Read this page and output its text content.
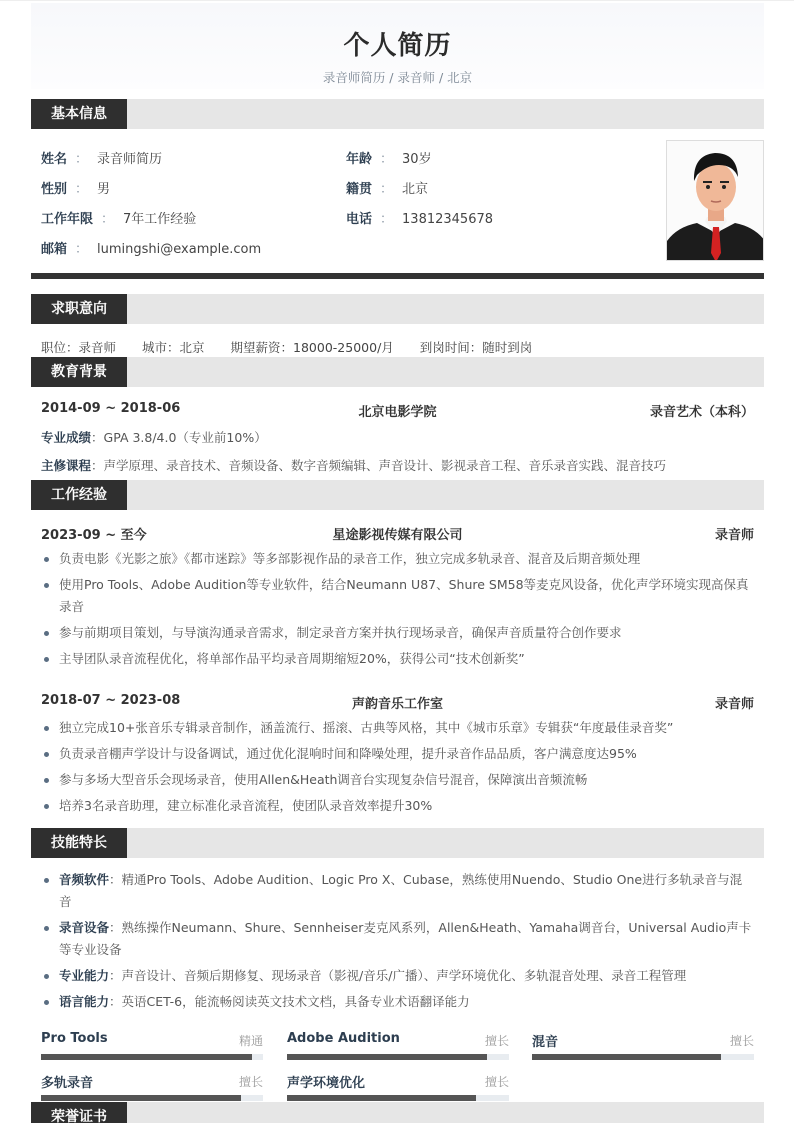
个人简历
录音师简历 / 录音师 / 北京
基本信息
姓名 ： 录音师简历
性别 ： 男
工作年限 ： 7年工作经验
邮箱 ： lumingshi@example.com
年龄 ： 30岁
籍贯 ： 北京
电话 ： 13812345678
求职意向
职位：录音师 城市：北京 期望薪资：18000-25000/月 到岗时间：随时到岗
教育背景
2014-09 ~ 2018-06	北京电影学院	录音艺术（本科）
专业成绩：GPA 3.8/4.0（专业前10%）
主修课程：声学原理、录音技术、音频设备、数字音频编辑、声音设计、影视录音工程、音乐录音实践、混音技巧
工作经验
2023-09 ~ 至今	星途影视传媒有限公司	录音师
负责电影《光影之旅》《都市迷踪》等多部影视作品的录音工作，独立完成多轨录音、混音及后期音频处理
使用Pro Tools、Adobe Audition等专业软件，结合Neumann U87、Shure SM58等麦克风设备，优化声学环境实现高保真录音
参与前期项目策划，与导演沟通录音需求，制定录音方案并执行现场录音，确保声音质量符合创作要求
主导团队录音流程优化，将单部作品平均录音周期缩短20%，获得公司“技术创新奖”
2018-07 ~ 2023-08	声韵音乐工作室	录音师
独立完成10+张音乐专辑录音制作，涵盖流行、摇滚、古典等风格，其中《城市乐章》专辑获“年度最佳录音奖”
负责录音棚声学设计与设备调试，通过优化混响时间和降噪处理，提升录音作品品质，客户满意度达95%
参与多场大型音乐会现场录音，使用Allen&Heath调音台实现复杂信号混音，保障演出音频流畅
培养3名录音助理，建立标准化录音流程，使团队录音效率提升30%
技能特长
音频软件：精通Pro Tools、Adobe Audition、Logic Pro X、Cubase，熟练使用Nuendo、Studio One进行多轨录音与混音
录音设备：熟练操作Neumann、Shure、Sennheiser麦克风系列，Allen&Heath、Yamaha调音台，Universal Audio声卡等专业设备
专业能力：声音设计、音频后期修复、现场录音（影视/音乐/广播）、声学环境优化、多轨混音处理、录音工程管理
语言能力：英语CET-6，能流畅阅读英文技术文档，具备专业术语翻译能力
Pro Tools	精通 Adobe Audition	擅长 混音	擅长
多轨录音	擅长 声学环境优化	擅长
荣誉证书
